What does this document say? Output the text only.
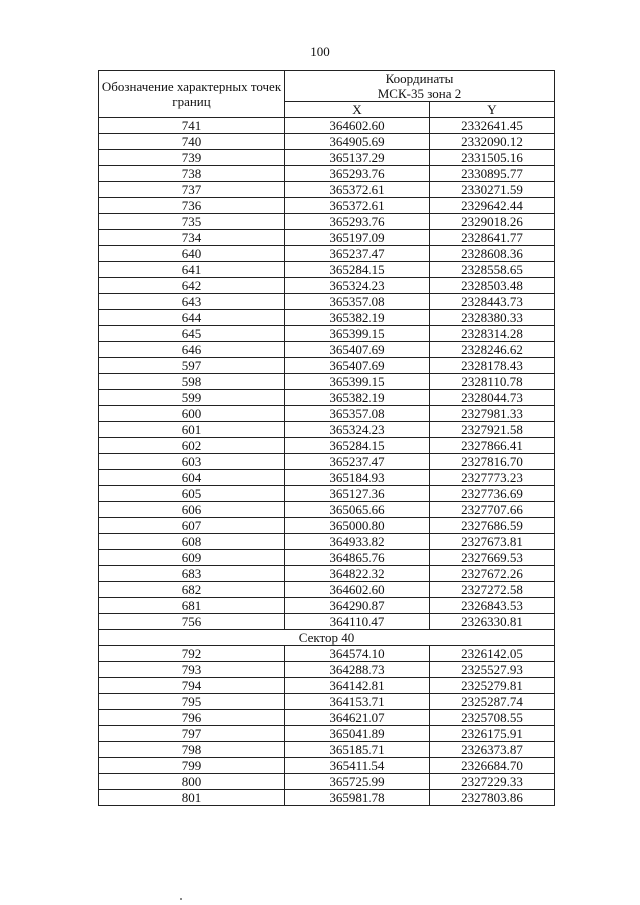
100
Обозначение характерных точек границ	Координаты
МСК-35 зона 2	
	X	Y
741	364602.60	2332641.45
740	364905.69	2332090.12
739	365137.29	2331505.16
738	365293.76	2330895.77
737	365372.61	2330271.59
736	365372.61	2329642.44
735	365293.76	2329018.26
734	365197.09	2328641.77
640	365237.47	2328608.36
641	365284.15	2328558.65
642	365324.23	2328503.48
643	365357.08	2328443.73
644	365382.19	2328380.33
645	365399.15	2328314.28
646	365407.69	2328246.62
597	365407.69	2328178.43
598	365399.15	2328110.78
599	365382.19	2328044.73
600	365357.08	2327981.33
601	365324.23	2327921.58
602	365284.15	2327866.41
603	365237.47	2327816.70
604	365184.93	2327773.23
605	365127.36	2327736.69
606	365065.66	2327707.66
607	365000.80	2327686.59
608	364933.82	2327673.81
609	364865.76	2327669.53
683	364822.32	2327672.26
682	364602.60	2327272.58
681	364290.87	2326843.53
756	364110.47	2326330.81
Сектор 40		
792	364574.10	2326142.05
793	364288.73	2325527.93
794	364142.81	2325279.81
795	364153.71	2325287.74
796	364621.07	2325708.55
797	365041.89	2326175.91
798	365185.71	2326373.87
799	365411.54	2326684.70
800	365725.99	2327229.33
801	365981.78	2327803.86
